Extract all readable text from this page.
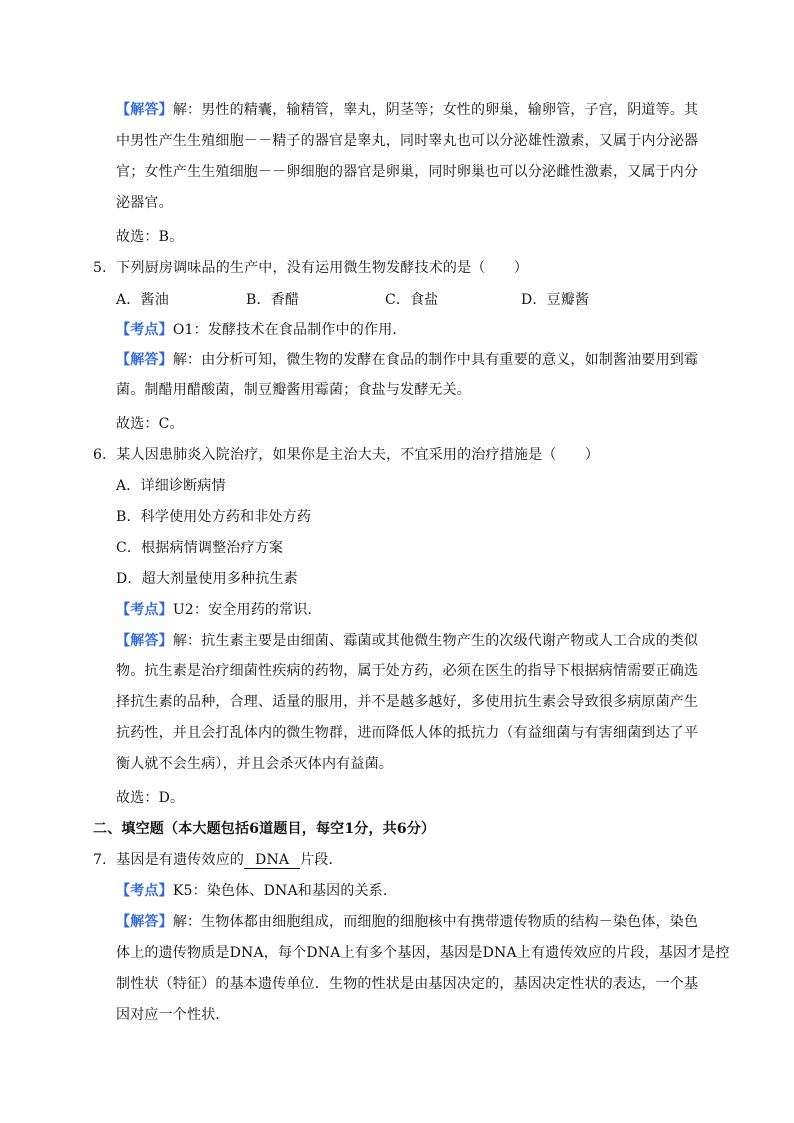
【解答】解：男性的精囊，输精管，睾丸，阴茎等；女性的卵巢，输卵管，子宫，阴道等。其
中男性产生生殖细胞－－精子的器官是睾丸，同时睾丸也可以分泌雄性激素，又属于内分泌器
官；女性产生生殖细胞－－卵细胞的器官是卵巢，同时卵巢也可以分泌雌性激素，又属于内分
泌器官。
故选：B。
5．下列厨房调味品的生产中，没有运用微生物发酵技术的是（　　）
A．酱油	B．香醋	C．食盐	D．豆瓣酱
【考点】O1：发酵技术在食品制作中的作用．
【解答】解：由分析可知，微生物的发酵在食品的制作中具有重要的意义，如制酱油要用到霉
菌。制醋用醋酸菌，制豆瓣酱用霉菌；食盐与发酵无关。
故选：C。
6．某人因患肺炎入院治疗，如果你是主治大夫，不宜采用的治疗措施是（　　）
A．详细诊断病情
B．科学使用处方药和非处方药
C．根据病情调整治疗方案
D．超大剂量使用多种抗生素
【考点】U2：安全用药的常识．
【解答】解：抗生素主要是由细菌、霉菌或其他微生物产生的次级代谢产物或人工合成的类似
物。抗生素是治疗细菌性疾病的药物，属于处方药，必须在医生的指导下根据病情需要正确选
择抗生素的品种，合理、适量的服用，并不是越多越好，多使用抗生素会导致很多病原菌产生
抗药性，并且会打乱体内的微生物群，进而降低人体的抵抗力（有益细菌与有害细菌到达了平
衡人就不会生病），并且会杀灭体内有益菌。
故选：D。
二、填空题（本大题包括6道题目，每空1分，共6分）
7．基因是有遗传效应的 DNA 片段．
【考点】K5：染色体、DNA和基因的关系．
【解答】解：生物体都由细胞组成，而细胞的细胞核中有携带遗传物质的结构－染色体，染色
体上的遗传物质是DNA，每个DNA上有多个基因，基因是DNA上有遗传效应的片段，基因才是控
制性状（特征）的基本遗传单位．生物的性状是由基因决定的，基因决定性状的表达，一个基
因对应一个性状．
